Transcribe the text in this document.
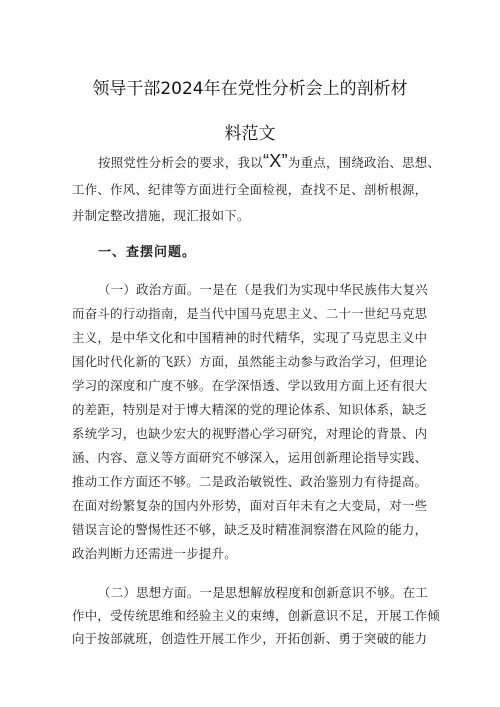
领导干部2024年在党性分析会上的剖析材
料范文
按照党性分析会的要求，我以“X”为重点，围绕政治、思想、
工作、作风、纪律等方面进行全面检视，查找不足、剖析根源，
并制定整改措施，现汇报如下。
一、查摆问题。
（一）政治方面。一是在（是我们为实现中华民族伟大复兴
而奋斗的行动指南，是当代中国马克思主义、二十一世纪马克思
主义，是中华文化和中国精神的时代精华，实现了马克思主义中
国化时代化新的飞跃）方面，虽然能主动参与政治学习，但理论
学习的深度和广度不够。在学深悟透、学以致用方面上还有很大
的差距，特别是对于博大精深的党的理论体系、知识体系，缺乏
系统学习，也缺少宏大的视野潜心学习研究，对理论的背景、内
涵、内容、意义等方面研究不够深入，运用创新理论指导实践、
推动工作方面还不够。二是政治敏锐性、政治鉴别力有待提高。
在面对纷繁复杂的国内外形势，面对百年未有之大变局，对一些
错误言论的警惕性还不够，缺乏及时精准洞察潜在风险的能力，
政治判断力还需进一步提升。
（二）思想方面。一是思想解放程度和创新意识不够。在工
作中，受传统思维和经验主义的束缚，创新意识不足，开展工作倾
向于按部就班，创造性开展工作少，开拓创新、勇于突破的能力
